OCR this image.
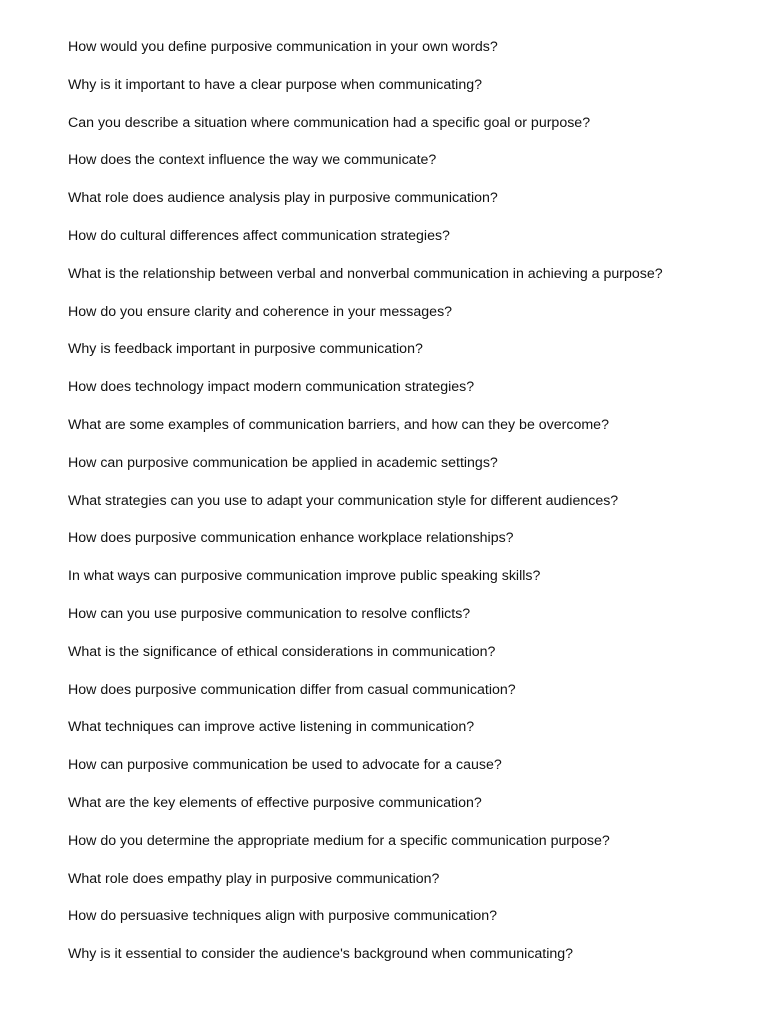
How would you define purposive communication in your own words?
Why is it important to have a clear purpose when communicating?
Can you describe a situation where communication had a specific goal or purpose?
How does the context influence the way we communicate?
What role does audience analysis play in purposive communication?
How do cultural differences affect communication strategies?
What is the relationship between verbal and nonverbal communication in achieving a purpose?
How do you ensure clarity and coherence in your messages?
Why is feedback important in purposive communication?
How does technology impact modern communication strategies?
What are some examples of communication barriers, and how can they be overcome?
How can purposive communication be applied in academic settings?
What strategies can you use to adapt your communication style for different audiences?
How does purposive communication enhance workplace relationships?
In what ways can purposive communication improve public speaking skills?
How can you use purposive communication to resolve conflicts?
What is the significance of ethical considerations in communication?
How does purposive communication differ from casual communication?
What techniques can improve active listening in communication?
How can purposive communication be used to advocate for a cause?
What are the key elements of effective purposive communication?
How do you determine the appropriate medium for a specific communication purpose?
What role does empathy play in purposive communication?
How do persuasive techniques align with purposive communication?
Why is it essential to consider the audience's background when communicating?
